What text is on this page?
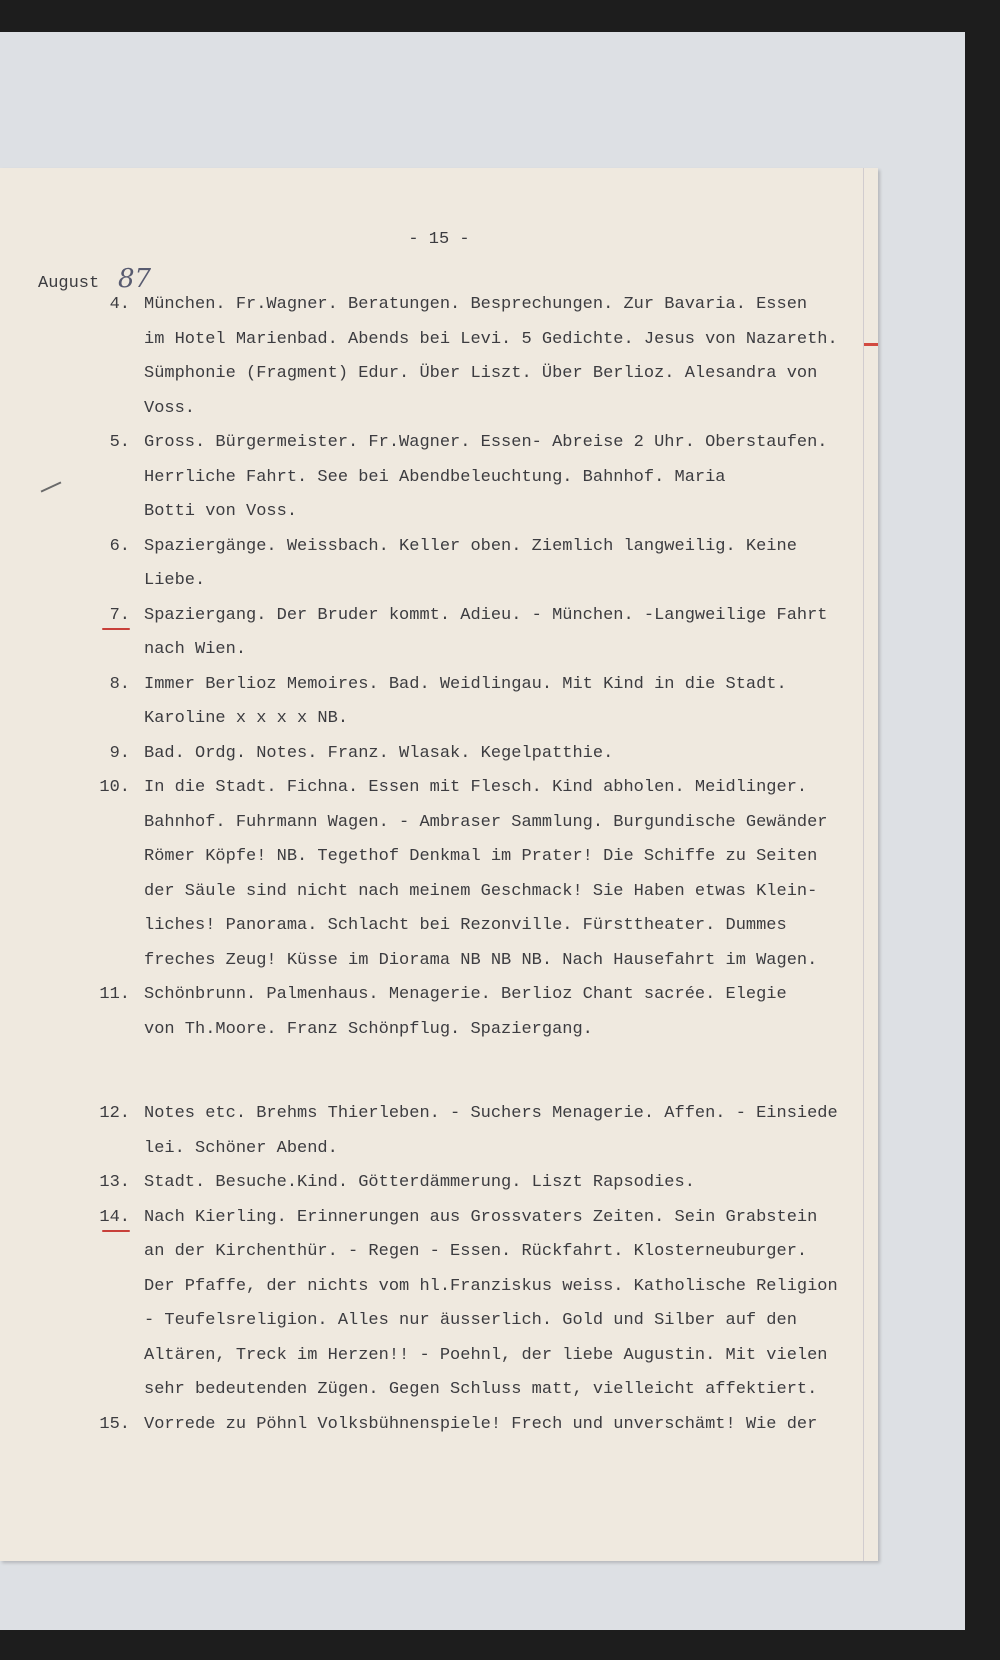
- 15 -
August 87
4. München. Fr.Wagner. Beratungen. Besprechungen. Zur Bavaria. Essen
im Hotel Marienbad. Abends bei Levi. 5 Gedichte. Jesus von Nazareth.
Sümphonie (Fragment) Edur. Über Liszt. Über Berlioz. Alesandra von
Voss.
5. Gross. Bürgermeister. Fr.Wagner. Essen- Abreise 2 Uhr. Oberstaufen.
Herrliche Fahrt. See bei Abendbeleuchtung. Bahnhof. Maria
Botti von Voss.
6. Spaziergänge. Weissbach. Keller oben. Ziemlich langweilig. Keine
Liebe.
7. Spaziergang. Der Bruder kommt. Adieu. - München. -Langweilige Fahrt
nach Wien.
8. Immer Berlioz Memoires. Bad. Weidlingau. Mit Kind in die Stadt.
Karoline x x x x NB.
9. Bad. Ordg. Notes. Franz. Wlasak. Kegelpatthie.
10. In die Stadt. Fichna. Essen mit Flesch. Kind abholen. Meidlinger.
Bahnhof. Fuhrmann Wagen. - Ambraser Sammlung. Burgundische Gewänder
Römer Köpfe! NB. Tegethof Denkmal im Prater! Die Schiffe zu Seiten
der Säule sind nicht nach meinem Geschmack! Sie Haben etwas Klein-
liches! Panorama. Schlacht bei Rezonville. Fürsttheater. Dummes
freches Zeug! Küsse im Diorama NB NB NB. Nach Hausefahrt im Wagen.
11. Schönbrunn. Palmenhaus. Menagerie. Berlioz Chant sacrée. Elegie
von Th.Moore. Franz Schönpflug. Spaziergang.
12. Notes etc. Brehms Thierleben. - Suchers Menagerie. Affen. - Einsiede
lei. Schöner Abend.
13. Stadt. Besuche.Kind. Götterdämmerung. Liszt Rapsodies.
14. Nach Kierling. Erinnerungen aus Grossvaters Zeiten. Sein Grabstein
an der Kirchenthür. - Regen - Essen. Rückfahrt. Klosterneuburger.
Der Pfaffe, der nichts vom hl.Franziskus weiss. Katholische Religion
- Teufelsreligion. Alles nur äusserlich. Gold und Silber auf den
Altären, Treck im Herzen!! - Poehnl, der liebe Augustin. Mit vielen
sehr bedeutenden Zügen. Gegen Schluss matt, vielleicht affektiert.
15. Vorrede zu Pöhnl Volksbühnenspiele! Frech und unverschämt! Wie der
